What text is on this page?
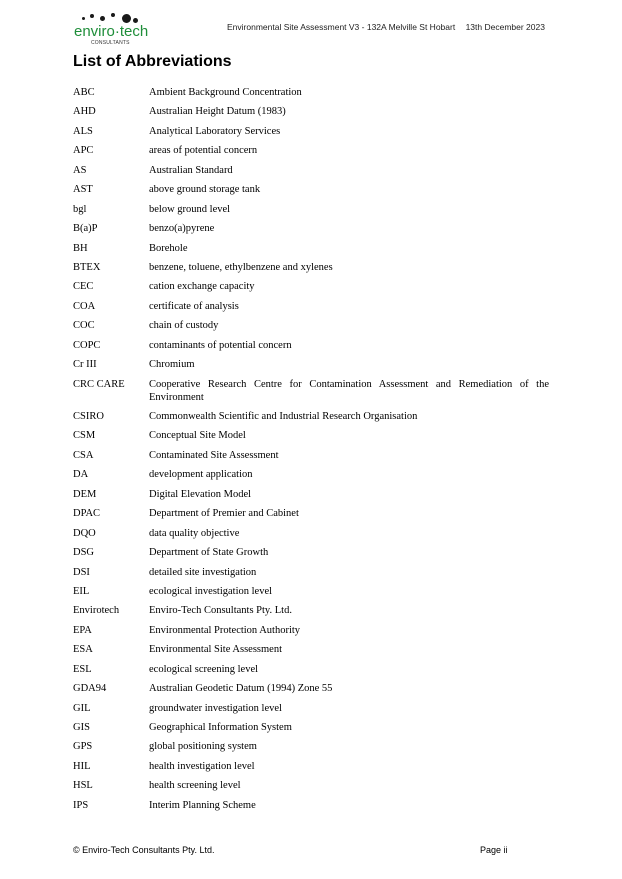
enviro·tech
CONSULTANTS
Environmental Site Assessment V3 - 132A Melville St Hobart 13th December 2023
List of Abbreviations
ABC	Ambient Background Concentration
AHD	Australian Height Datum (1983)
ALS	Analytical Laboratory Services
APC	areas of potential concern
AS	Australian Standard
AST	above ground storage tank
bgl	below ground level
B(a)P	benzo(a)pyrene
BH	Borehole
BTEX	benzene, toluene, ethylbenzene and xylenes
CEC	cation exchange capacity
COA	certificate of analysis
COC	chain of custody
COPC	contaminants of potential concern
Cr III	Chromium
CRC CARE	Cooperative Research Centre for Contamination Assessment and Remediation of the Environment
CSIRO	Commonwealth Scientific and Industrial Research Organisation
CSM	Conceptual Site Model
CSA	Contaminated Site Assessment
DA	development application
DEM	Digital Elevation Model
DPAC	Department of Premier and Cabinet
DQO	data quality objective
DSG	Department of State Growth
DSI	detailed site investigation
EIL	ecological investigation level
Envirotech	Enviro-Tech Consultants Pty. Ltd.
EPA	Environmental Protection Authority
ESA	Environmental Site Assessment
ESL	ecological screening level
GDA94	Australian Geodetic Datum (1994) Zone 55
GIL	groundwater investigation level
GIS	Geographical Information System
GPS	global positioning system
HIL	health investigation level
HSL	health screening level
IPS	Interim Planning Scheme
© Enviro-Tech Consultants Pty. Ltd.	Page ii
